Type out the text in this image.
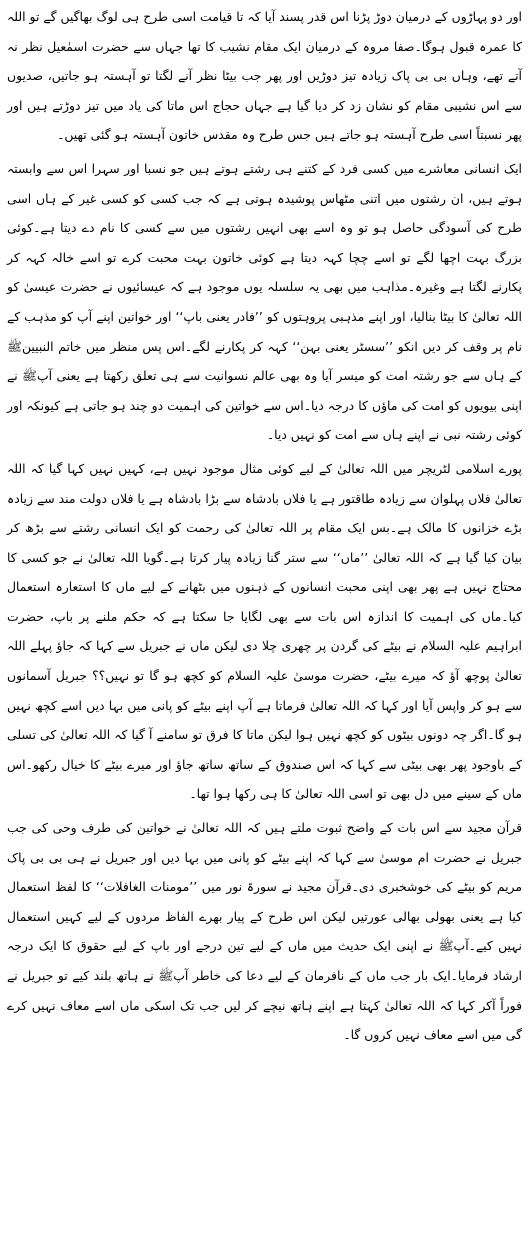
اور دو پہاڑوں کے درمیان دوڑ پڑنا اس قدر پسند آیا کہ تا قیامت اسی طرح ہی لوگ بھاگیں گے تو اللہ کا عمرہ قبول ہوگا۔صفا مروہ کے درمیان ایک مقام نشیب کا تھا جہاں سے حضرت اسمٰعیل نظر نہ آتے تھے، وہاں بی بی پاک زیادہ تیز دوڑیں اور پھر جب بیٹا نظر آنے لگتا تو آہستہ ہو جاتیں، صدیوں سے اس نشیبی مقام کو نشان زد کر دیا گیا ہے جہاں حجاج اس ماتا کی یاد میں تیز دوڑتے ہیں اور پھر نسبتاً اسی طرح آہستہ ہو جاتے ہیں جس طرح وہ مقدس خاتون آہستہ ہو گئی تھیں۔

ایک انسانی معاشرے میں کسی فرد کے کتنے ہی رشتے ہوتے ہیں جو نسبا اور سہرا اس سے وابستہ ہوتے ہیں، ان رشتوں میں اتنی مٹھاس پوشیدہ ہوتی ہے کہ جب کسی کو کسی غیر کے ہاں اسی طرح کی آسودگی حاصل ہو تو وہ اسے بھی انہیں رشتوں میں سے کسی کا نام دے دیتا ہے۔کوئی بزرگ بہت اچھا لگے تو اسے چچا کہہ دیتا ہے کوئی خاتون بہت محبت کرے تو اسے خالہ کہہ کر پکارنے لگتا ہے وغیرہ۔مذاہب میں بھی یہ سلسلہ یوں موجود ہے کہ عیسائیوں نے حضرت عیسیٰ کو اللہ تعالیٰ کا بیٹا بنالیا، اور اپنے مذہبی پروہتوں کو ’’فادر یعنی باپ‘‘ اور خواتین اپنے آپ کو مذہب کے نام پر وقف کر دیں انکو ’’سسٹر یعنی بہن‘‘ کہہ کر پکارنے لگے۔اس پس منظر میں خاتم النبیینﷺ کے ہاں سے جو رشتہ امت کو میسر آیا وہ بھی عالم نسوانیت سے ہی تعلق رکھتا ہے یعنی آپﷺ نے اپنی بیویوں کو امت کی ماؤں کا درجہ دیا۔اس سے خواتین کی اہمیت دو چند ہو جاتی ہے کیونکہ اور کوئی رشتہ نبی نے اپنے ہاں سے امت کو نہیں دیا۔

پورے اسلامی لٹریچر میں اللہ تعالیٰ کے لیے کوئی مثال موجود نہیں ہے، کہیں نہیں کہا گیا کہ اللہ تعالیٰ فلاں پہلوان سے زیادہ طاقتور ہے یا فلاں بادشاہ سے بڑا بادشاہ ہے یا فلاں دولت مند سے زیادہ بڑے خزانوں کا مالک ہے۔بس ایک مقام پر اللہ تعالیٰ کی رحمت کو ایک انسانی رشتے سے بڑھ کر بیان کیا گیا ہے کہ اللہ تعالیٰ ’’ماں‘‘ سے ستر گنا زیادہ پیار کرتا ہے۔گویا اللہ تعالیٰ نے جو کسی کا محتاج نہیں ہے پھر بھی اپنی محبت انسانوں کے ذہنوں میں بٹھانے کے لیے ماں کا استعارہ استعمال کیا۔ماں کی اہمیت کا اندازہ اس بات سے بھی لگایا جا سکتا ہے کہ حکم ملنے پر باپ، حضرت ابراہیم علیہ السلام نے بیٹے کی گردن پر چھری چلا دی لیکن ماں نے جبریل سے کہا کہ جاؤ پہلے اللہ تعالیٰ پوچھ آؤ کہ میرے بیٹے، حضرت موسیٰ علیہ السلام کو کچھ ہو گا تو نہیں؟؟ جبریل آسمانوں سے ہو کر واپس آیا اور کہا کہ اللہ تعالیٰ فرماتا ہے آپ اپنے بیٹے کو پانی میں بہا دیں اسے کچھ نہیں ہو گا۔اگر چہ دونوں بیٹوں کو کچھ نہیں ہوا لیکن ماتا کا فرق تو سامنے آ گیا کہ اللہ تعالیٰ کی تسلی کے باوجود پھر بھی بیٹی سے کہا کہ اس صندوق کے ساتھ ساتھ جاؤ اور میرے بیٹے کا خیال رکھو۔اس ماں کے سینے میں دل بھی تو اسی اللہ تعالیٰ کا ہی رکھا ہوا تھا۔

قرآن مجید سے اس بات کے واضح ثبوت ملتے ہیں کہ اللہ تعالیٰ نے خواتین کی طرف وحی کی جب جبریل نے حضرت ام موسیٰ سے کہا کہ اپنے بیٹے کو پانی میں بہا دیں اور جبریل نے ہی بی بی پاک مریم کو بیٹے کی خوشخبری دی۔قرآن مجید نے سورۃ نور میں ’’مومنات الغافلات‘‘ کا لفظ استعمال کیا ہے یعنی بھولی بھالی عورتیں لیکن اس طرح کے پیار بھرے الفاظ مردوں کے لیے کہیں استعمال نہیں کیے۔آپﷺ نے اپنی ایک حدیث میں ماں کے لیے تین درجے اور باپ کے لیے حقوق کا ایک درجہ ارشاد فرمایا۔ایک بار جب ماں کے نافرمان کے لیے دعا کی خاطر آپﷺ نے ہاتھ بلند کیے تو جبریل نے فوراً آکر کہا کہ اللہ تعالیٰ کہتا ہے اپنے ہاتھ نیچے کر لیں جب تک اسکی ماں اسے معاف نہیں کرے گی میں اسے معاف نہیں کروں گا۔
